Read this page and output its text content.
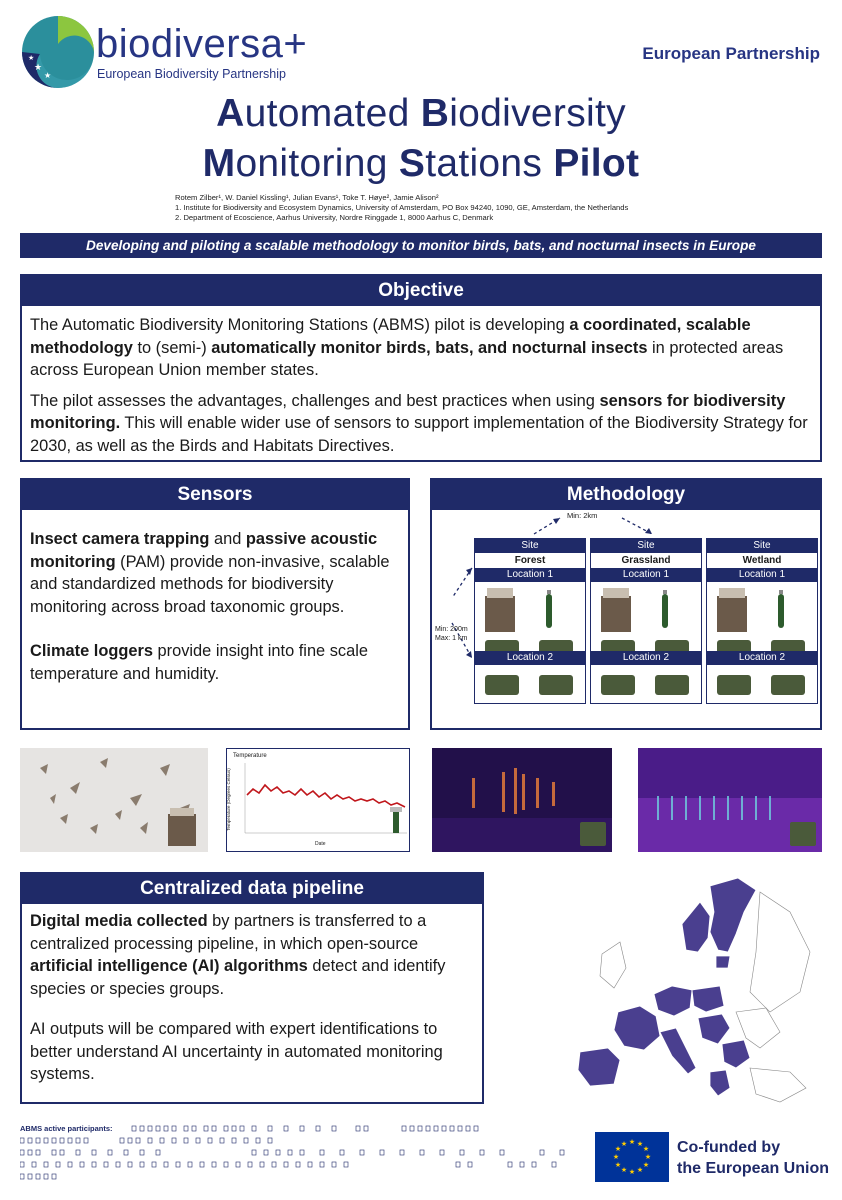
★
★
★ biodiversa+
European Biodiversity Partnership
European Partnership
Automated Biodiversity
Monitoring Stations Pilot
Rotem Zilber¹, W. Daniel Kissling¹, Julian Evans¹, Toke T. Høye², Jamie Alison²
1. Institute for Biodiversity and Ecosystem Dynamics, University of Amsterdam, PO Box 94240, 1090, GE, Amsterdam, the Netherlands
2. Department of Ecoscience, Aarhus University, Nordre Ringgade 1, 8000 Aarhus C, Denmark
Developing and piloting a scalable methodology to monitor birds, bats, and nocturnal insects in Europe
Objective

The Automatic Biodiversity Monitoring Stations (ABMS) pilot is developing a coordinated, scalable methodology to (semi-) automatically monitor birds, bats, and nocturnal insects in protected areas across European Union member states.

The pilot assesses the advantages, challenges and best practices when using sensors for biodiversity monitoring. This will enable wider use of sensors to support implementation of the Biodiversity Strategy for 2030, as well as the Birds and Habitats Directives.

Sensors

Insect camera trapping and passive acoustic monitoring (PAM) provide non-invasive, scalable and standardized methods for biodiversity monitoring across broad taxonomic groups.

Climate loggers provide insight into fine scale temperature and humidity.

Methodology
Min: 2km
Min: 200m
Max: 1 km
Site
Forest
Location 1
Location 2
Site
Grassland
Location 1
Location 2
Site
Wetland
Location 1
Location 2
Temperature
Temperature (Degrees Celsius)
Date
Centralized data pipeline

Digital media collected by partners is transferred to a centralized processing pipeline, in which open-source artificial intelligence (AI) algorithms detect and identify species or species groups.

AI outputs will be compared with expert identifications to better understand AI uncertainty in automated monitoring systems.

ABMS active participants:
★ ★
★
★
★
★
★
★
★
★
★
★	Co-funded by
the European Union
